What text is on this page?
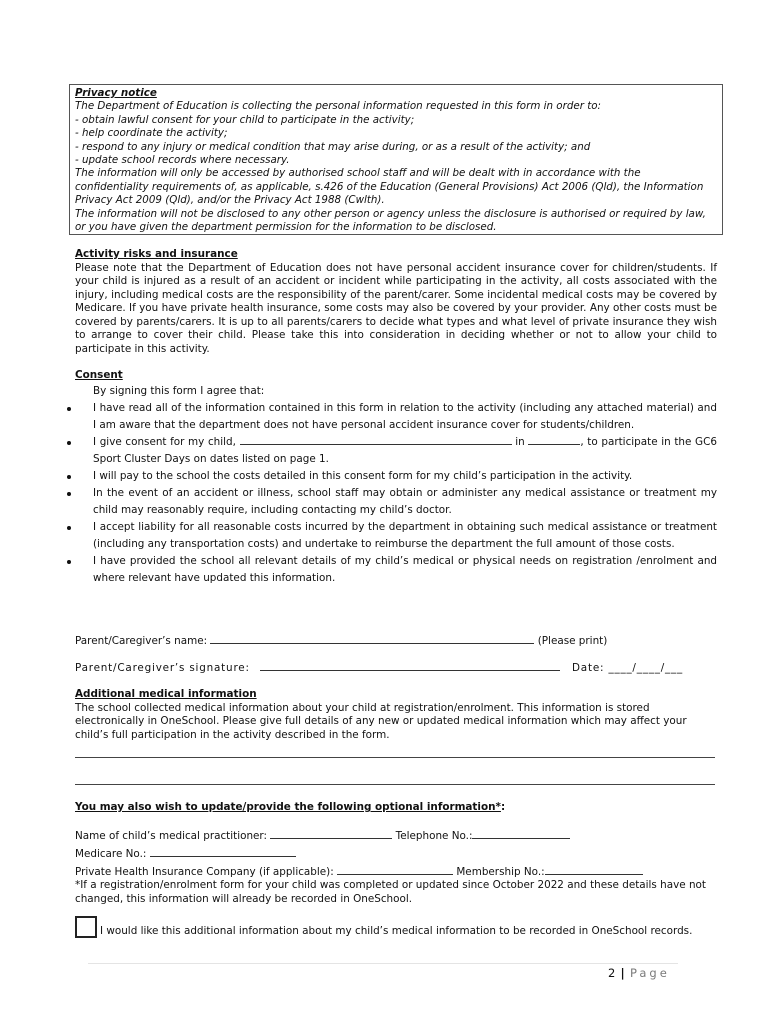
Privacy notice
The Department of Education is collecting the personal information requested in this form in order to:
- obtain lawful consent for your child to participate in the activity;
- help coordinate the activity;
- respond to any injury or medical condition that may arise during, or as a result of the activity; and
- update school records where necessary.
The information will only be accessed by authorised school staff and will be dealt with in accordance with the confidentiality requirements of, as applicable, s.426 of the Education (General Provisions) Act 2006 (Qld), the Information Privacy Act 2009 (Qld), and/or the Privacy Act 1988 (Cwlth).
The information will not be disclosed to any other person or agency unless the disclosure is authorised or required by law, or you have given the department permission for the information to be disclosed.
Activity risks and insurance
Please note that the Department of Education does not have personal accident insurance cover for children/students. If your child is injured as a result of an accident or incident while participating in the activity, all costs associated with the injury, including medical costs are the responsibility of the parent/carer. Some incidental medical costs may be covered by Medicare. If you have private health insurance, some costs may also be covered by your provider. Any other costs must be covered by parents/carers. It is up to all parents/carers to decide what types and what level of private insurance they wish to arrange to cover their child. Please take this into consideration in deciding whether or not to allow your child to participate in this activity.
Consent
By signing this form I agree that:
I have read all of the information contained in this form in relation to the activity (including any attached material) and I am aware that the department does not have personal accident insurance cover for students/children.
I give consent for my child,	in	, to participate in the GC6 Sport Cluster Days on dates listed on page 1.
I will pay to the school the costs detailed in this consent form for my child’s participation in the activity.
In the event of an accident or illness, school staff may obtain or administer any medical assistance or treatment my child may reasonably require, including contacting my child’s doctor.
I accept liability for all reasonable costs incurred by the department in obtaining such medical assistance or treatment (including any transportation costs) and undertake to reimburse the department the full amount of those costs.
I have provided the school all relevant details of my child’s medical or physical needs on registration /enrolment and where relevant have updated this information.
Parent/Caregiver’s name:	(Please print)
Parent/Caregiver’s signature:	Date: ____/____/___
Additional medical information
The school collected medical information about your child at registration/enrolment. This information is stored electronically in OneSchool. Please give full details of any new or updated medical information which may affect your child’s full participation in the activity described in the form.
You may also wish to update/provide the following optional information*:
Name of child’s medical practitioner:	Telephone No.:
Medicare No.:
Private Health Insurance Company (if applicable):	Membership No.:
*If a registration/enrolment form for your child was completed or updated since October 2022 and these details have not changed, this information will already be recorded in OneSchool.
I would like this additional information about my child’s medical information to be recorded in OneSchool records.
2 | Page
